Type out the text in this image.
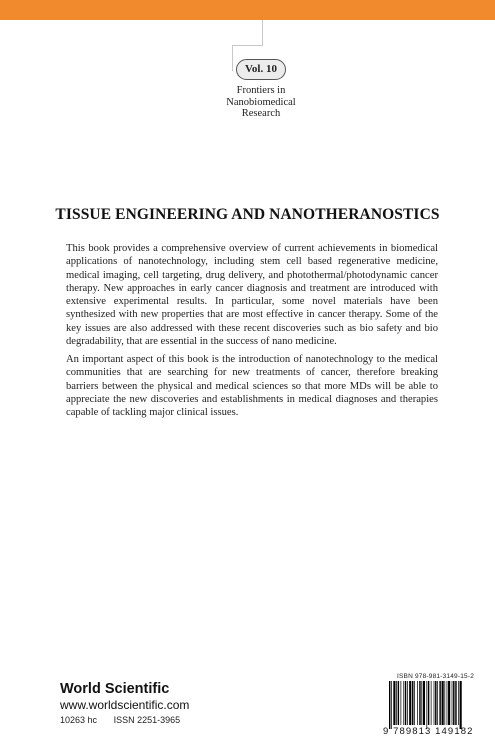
Vol. 10
Frontiers in
Nanobiomedical
Research
TISSUE ENGINEERING AND NANOTHERANOSTICS

This book provides a comprehensive overview of current achievements in biomedical applications of nanotechnology, including stem cell based regenerative medicine, medical imaging, cell targeting, drug delivery, and photothermal/photodynamic cancer therapy. New approaches in early cancer diagnosis and treatment are introduced with extensive experimental results. In particular, some novel materials have been synthesized with new properties that are most effective in cancer therapy. Some of the key issues are also addressed with these recent discoveries such as bio safety and bio degradability, that are essential in the success of nano medicine.

An important aspect of this book is the introduction of nanotechnology to the medical communities that are searching for new treatments of cancer, therefore breaking barriers between the physical and medical sciences so that more MDs will be able to appreciate the new discoveries and establishments in medical diagnoses and therapies capable of tackling major clinical issues.

World Scientific
www.worldscientific.com
10263 hc ISSN 2251-3965
ISBN 978-981-3149-15-2
9 789813 149182
